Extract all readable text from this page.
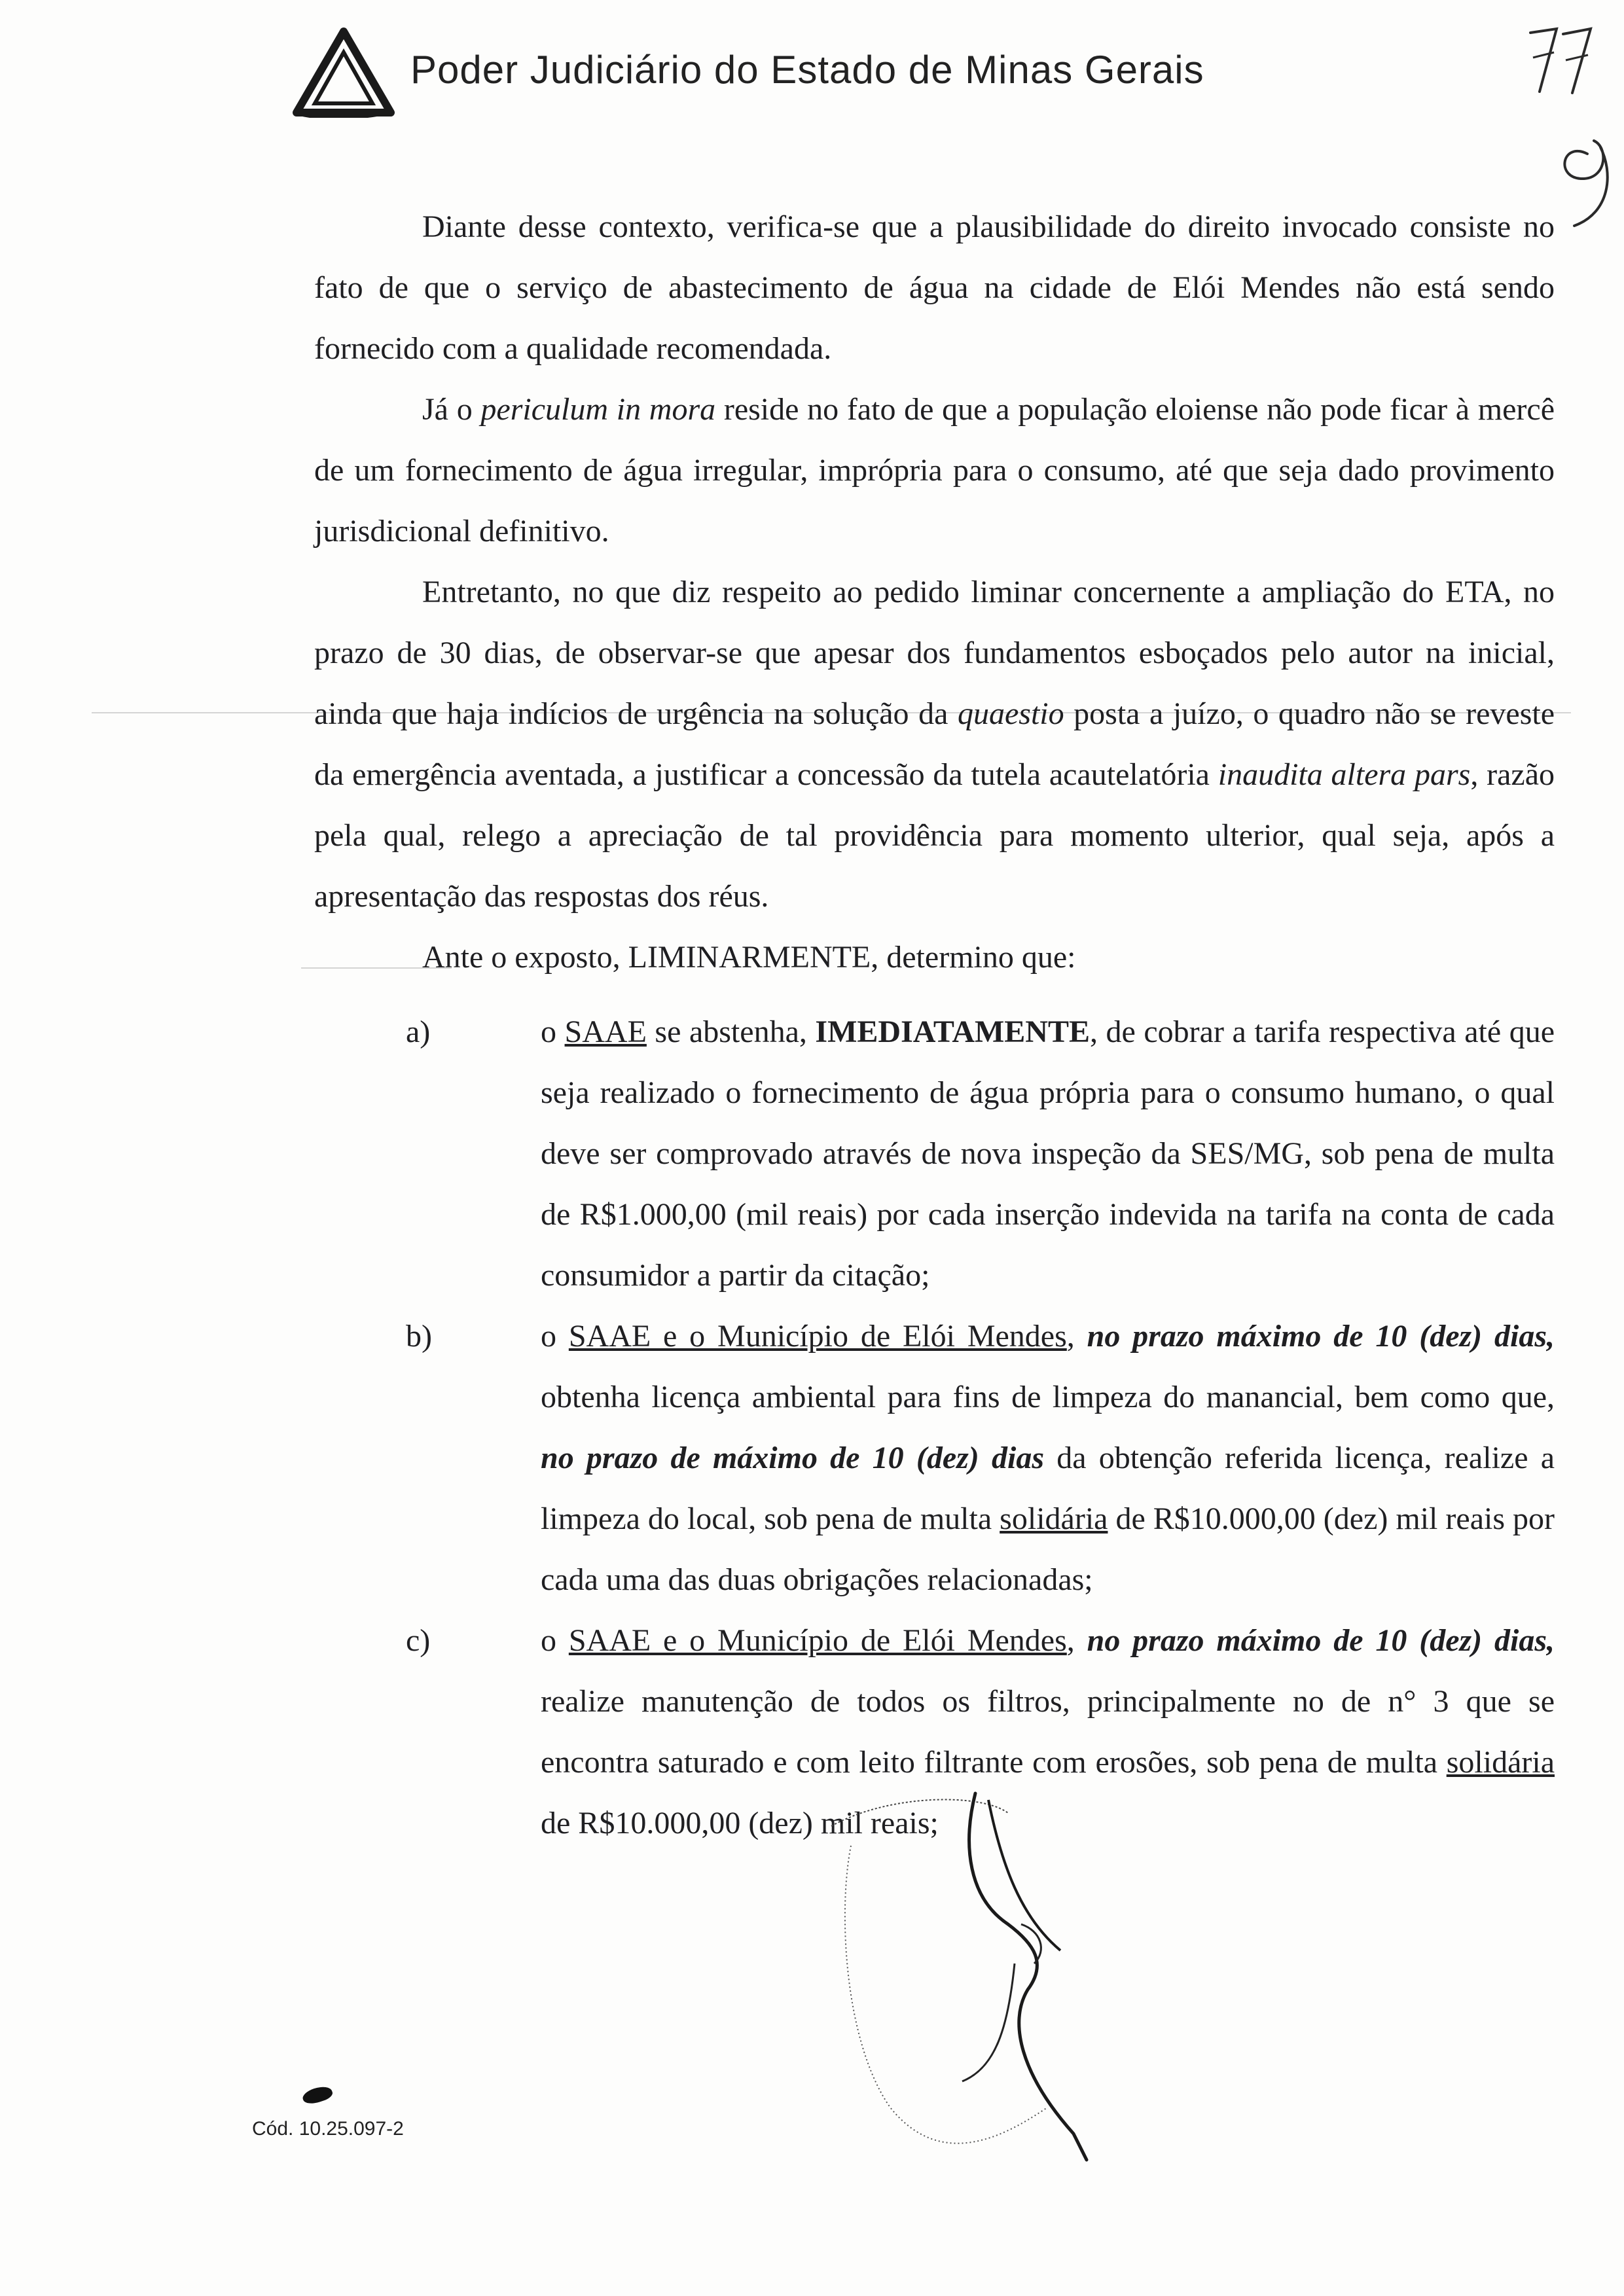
Poder Judiciário do Estado de Minas Gerais

Diante desse contexto, verifica-se que a plausibilidade do direito invocado consiste no fato de que o serviço de abastecimento de água na cidade de Elói Mendes não está sendo fornecido com a qualidade recomendada.

Já o periculum in mora reside no fato de que a população eloiense não pode ficar à mercê de um fornecimento de água irregular, imprópria para o consumo, até que seja dado provimento jurisdicional definitivo.

Entretanto, no que diz respeito ao pedido liminar concernente a ampliação do ETA, no prazo de 30 dias, de observar-se que apesar dos fundamentos esboçados pelo autor na inicial, ainda que haja indícios de urgência na solução da quaestio posta a juízo, o quadro não se reveste da emergência aventada, a justificar a concessão da tutela acautelatória inaudita altera pars, razão pela qual, relego a apreciação de tal providência para momento ulterior, qual seja, após a apresentação das respostas dos réus.

Ante o exposto, LIMINARMENTE, determino que:

a)	o SAAE se abstenha, IMEDIATAMENTE, de cobrar a tarifa respectiva até que seja realizado o fornecimento de água própria para o consumo humano, o qual deve ser comprovado através de nova inspeção da SES/MG, sob pena de multa de R$1.000,00 (mil reais) por cada inserção indevida na tarifa na conta de cada consumidor a partir da citação;
b)	o SAAE e o Município de Elói Mendes, no prazo máximo de 10 (dez) dias, obtenha licença ambiental para fins de limpeza do manancial, bem como que, no prazo de máximo de 10 (dez) dias da obtenção referida licença, realize a limpeza do local, sob pena de multa solidária de R$10.000,00 (dez) mil reais por cada uma das duas obrigações relacionadas;
c)	o SAAE e o Município de Elói Mendes, no prazo máximo de 10 (dez) dias, realize manutenção de todos os filtros, principalmente no de n° 3 que se encontra saturado e com leito filtrante com erosões, sob pena de multa solidária de R$10.000,00 (dez) mil reais;
Cód. 10.25.097-2
